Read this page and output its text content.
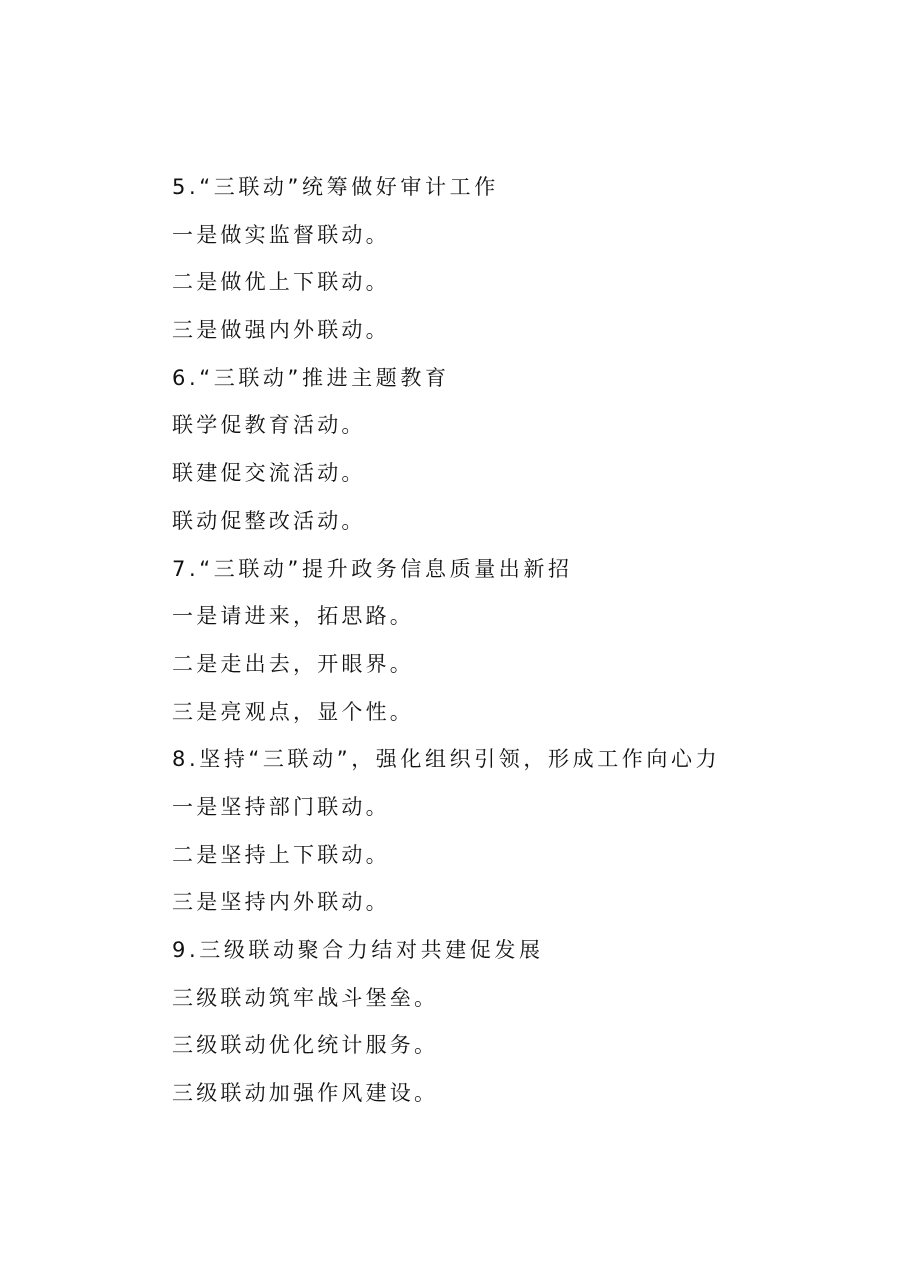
5.“三联动”统筹做好审计工作
一是做实监督联动。
二是做优上下联动。
三是做强内外联动。
6.“三联动”推进主题教育
联学促教育活动。
联建促交流活动。
联动促整改活动。
7.“三联动”提升政务信息质量出新招
一是请进来，拓思路。
二是走出去，开眼界。
三是亮观点，显个性。
8.坚持“三联动”，强化组织引领，形成工作向心力
一是坚持部门联动。
二是坚持上下联动。
三是坚持内外联动。
9.三级联动聚合力结对共建促发展
三级联动筑牢战斗堡垒。
三级联动优化统计服务。
三级联动加强作风建设。
